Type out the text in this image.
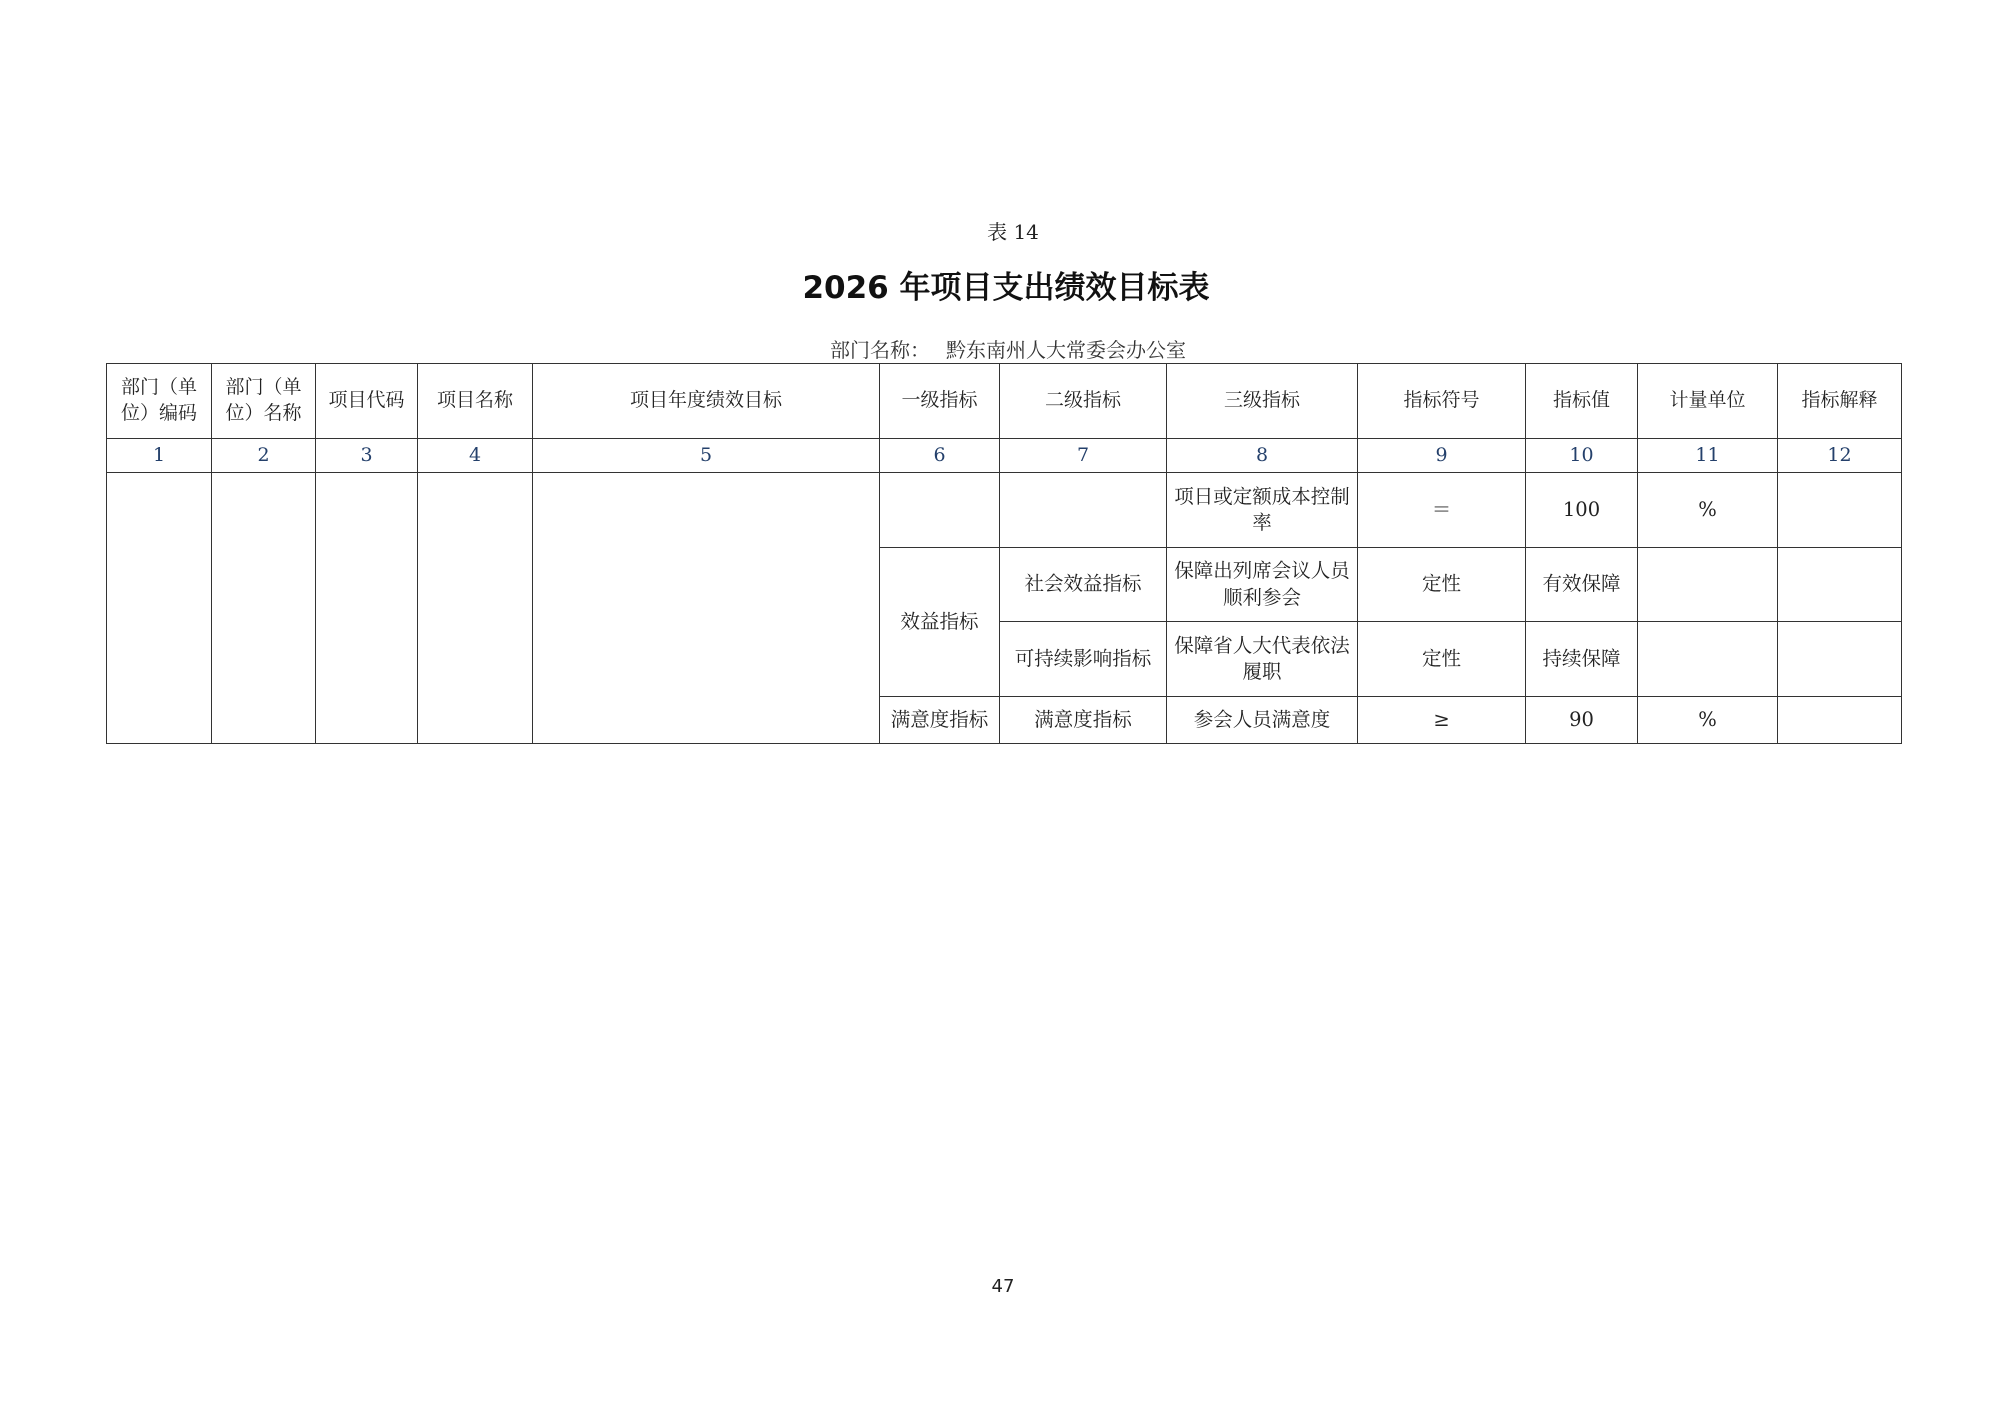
表 14
2026 年项目支出绩效目标表
部门名称： 黔东南州人大常委会办公室
部门（单位）编码	部门（单位）名称	项目代码	项目名称	项目年度绩效目标	一级指标	二级指标	三级指标	指标符号	指标值	计量单位	指标解释
1	2	3	4	5	6	7	8	9	10	11	12
							项日或定额成本控制率	＝	100	%	
					效益指标	社会效益指标	保障出列席会议人员顺利参会	定性	有效保障		
						可持续影响指标	保障省人大代表依法履职	定性	持续保障		
					满意度指标	满意度指标	参会人员满意度	≥	90	%	
47
